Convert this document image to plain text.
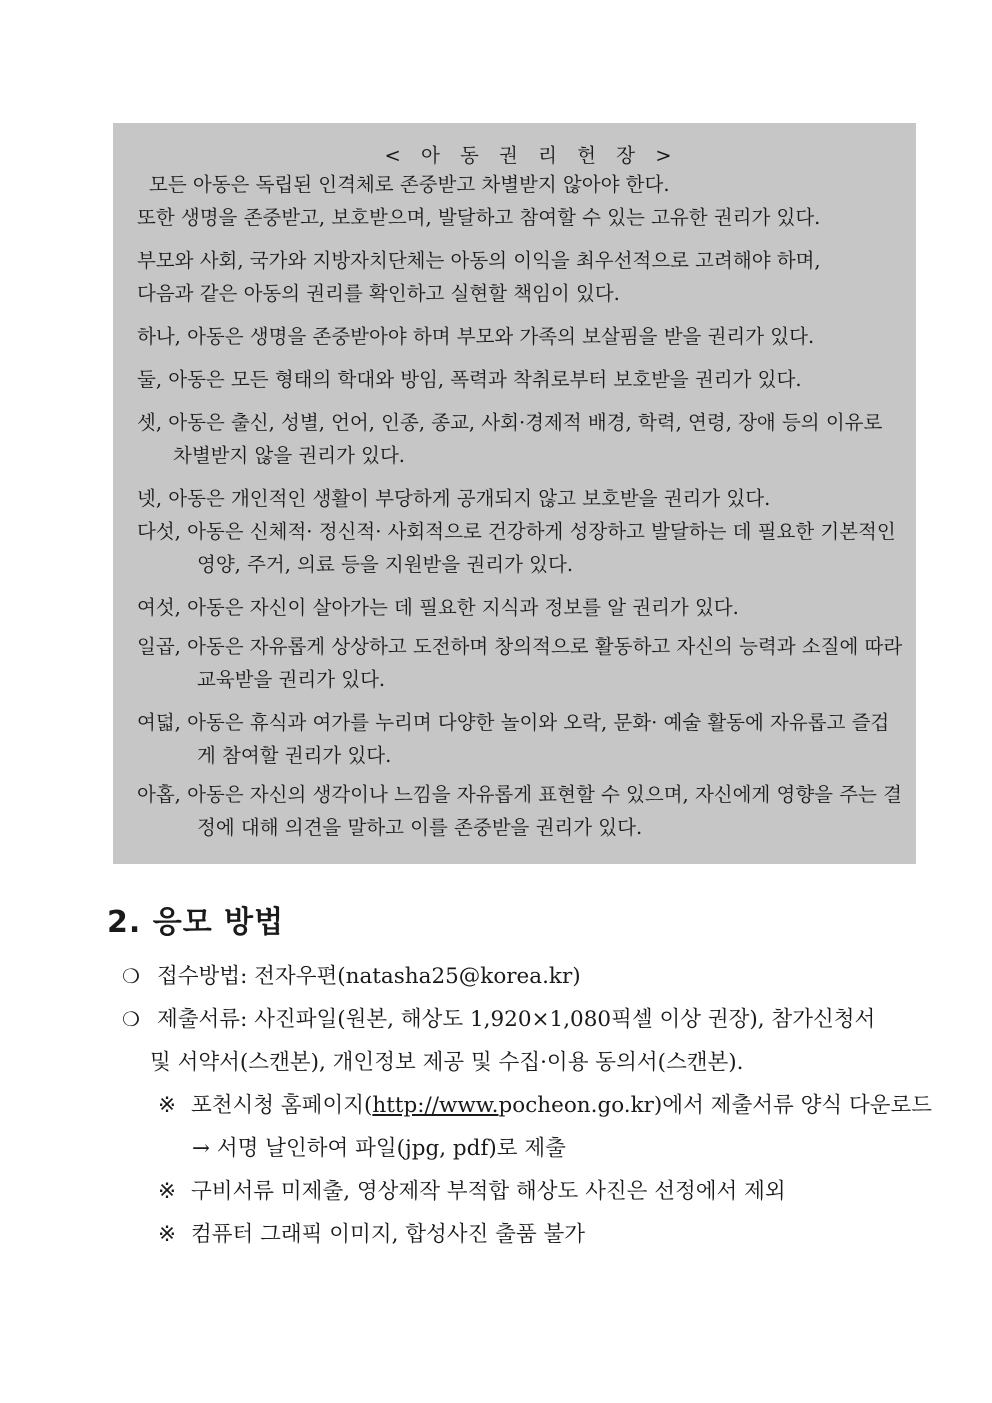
< 아 동 권 리 헌 장 >
모든 아동은 독립된 인격체로 존중받고 차별받지 않아야 한다.
또한 생명을 존중받고, 보호받으며, 발달하고 참여할 수 있는 고유한 권리가 있다.
부모와 사회, 국가와 지방자치단체는 아동의 이익을 최우선적으로 고려해야 하며,
다음과 같은 아동의 권리를 확인하고 실현할 책임이 있다.
하나, 아동은 생명을 존중받아야 하며 부모와 가족의 보살핌을 받을 권리가 있다.
둘, 아동은 모든 형태의 학대와 방임, 폭력과 착취로부터 보호받을 권리가 있다.
셋, 아동은 출신, 성별, 언어, 인종, 종교, 사회·경제적 배경, 학력, 연령, 장애 등의 이유로 차별받지 않을 권리가 있다.
넷, 아동은 개인적인 생활이 부당하게 공개되지 않고 보호받을 권리가 있다.
다섯, 아동은 신체적· 정신적· 사회적으로 건강하게 성장하고 발달하는 데 필요한 기본적인 영양, 주거, 의료 등을 지원받을 권리가 있다.
여섯, 아동은 자신이 살아가는 데 필요한 지식과 정보를 알 권리가 있다.
일곱, 아동은 자유롭게 상상하고 도전하며 창의적으로 활동하고 자신의 능력과 소질에 따라 교육받을 권리가 있다.
여덟, 아동은 휴식과 여가를 누리며 다양한 놀이와 오락, 문화· 예술 활동에 자유롭고 즐겁게 참여할 권리가 있다.
아홉, 아동은 자신의 생각이나 느낌을 자유롭게 표현할 수 있으며, 자신에게 영향을 주는 결정에 대해 의견을 말하고 이를 존중받을 권리가 있다.
2. 응모 방법
❍ 접수방법: 전자우편(natasha25@korea.kr)
❍ 제출서류: 사진파일(원본, 해상도 1,920×1,080픽셀 이상 권장), 참가신청서
및 서약서(스캔본), 개인정보 제공 및 수집·이용 동의서(스캔본).
※ 포천시청 홈페이지(http://www.pocheon.go.kr)에서 제출서류 양식 다운로드
→ 서명 날인하여 파일(jpg, pdf)로 제출
※ 구비서류 미제출, 영상제작 부적합 해상도 사진은 선정에서 제외
※ 컴퓨터 그래픽 이미지, 합성사진 출품 불가
